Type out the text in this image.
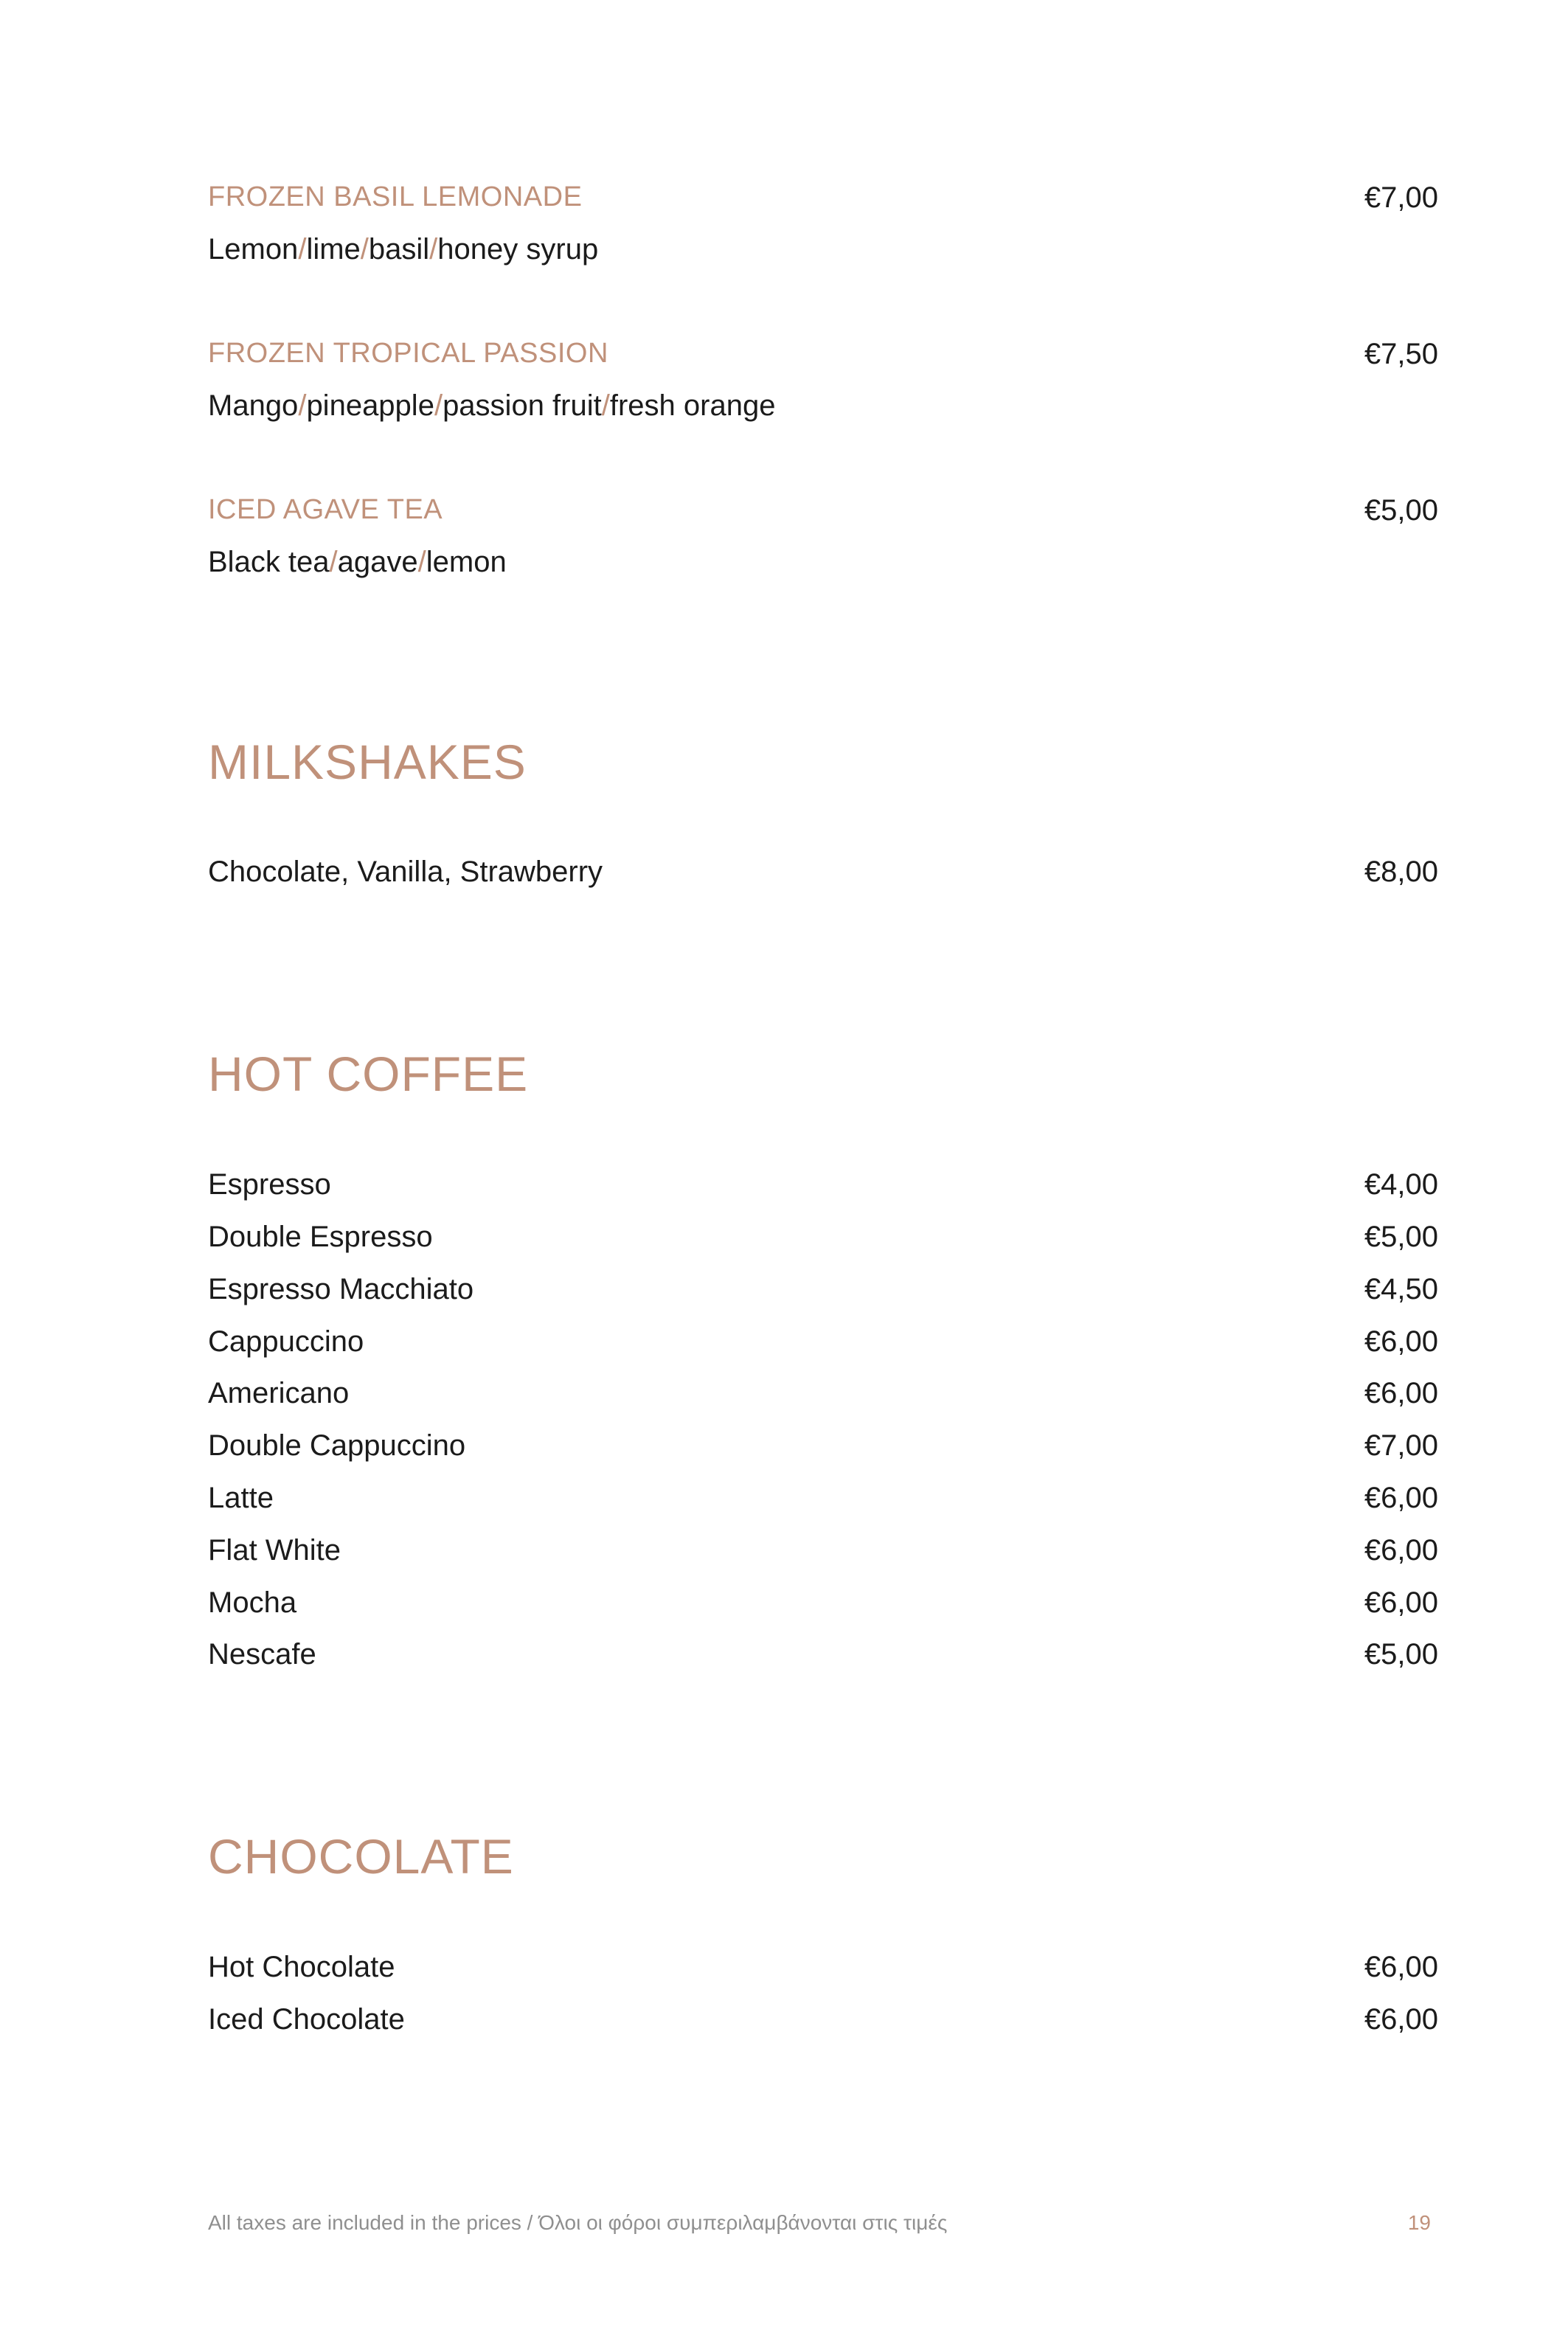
FROZEN BASIL LEMONADE	€7,00
Lemon/lime/basil/honey syrup
FROZEN TROPICAL PASSION	€7,50
Mango/pineapple/passion fruit/fresh orange
ICED AGAVE TEA	€5,00
Black tea/agave/lemon
MILKSHAKES
Chocolate, Vanilla, Strawberry	€8,00
HOT COFFEE
Espresso	€4,00
Double Espresso	€5,00
Espresso Macchiato	€4,50
Cappuccino	€6,00
Americano	€6,00
Double Cappuccino	€7,00
Latte	€6,00
Flat White	€6,00
Mocha	€6,00
Nescafe	€5,00
CHOCOLATE
Hot Chocolate	€6,00
Iced Chocolate	€6,00
All taxes are included in the prices / Όλοι οι φόροι συμπεριλαμβάνονται στις τιμές	19
